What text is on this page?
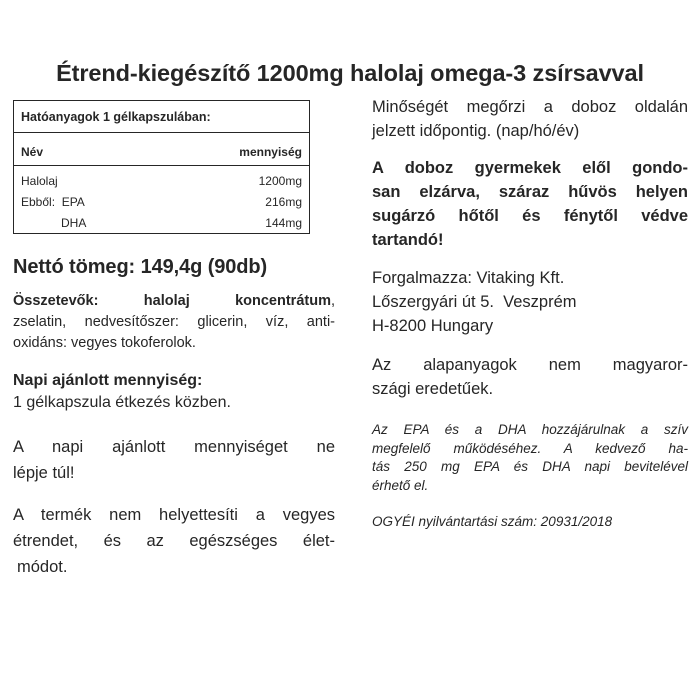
Étrend-kiegészítő 1200mg halolaj omega-3 zsírsavval
Hatóanyagok 1 gélkapszulában:
Név	mennyiség
Halolaj	1200mg
Ebből:  EPA	216mg
DHA	144mg
Nettó tömeg: 149,4g (90db)

Összetevők:	halolaj koncentrátum,
zselatin, nedvesítőszer: glicerin, víz, anti-
oxidáns: vegyes tokoferolok.

Napi ajánlott mennyiség:
1 gélkapszula étkezés közben.

A napi ajánlott mennyiséget ne
lépje túl!

A termék nem helyettesíti a vegyes
étrendet, és az egészséges élet-
módot.

Minőségét megőrzi a doboz oldalán
jelzett időpontig. (nap/hó/év)

A doboz gyermekek elől gondo-
san elzárva, száraz hűvös helyen
sugárzó hőtől és fénytől védve
tartandó!

Forgalmazza: Vitaking Kft.
Lőszergyári út 5.  Veszprém
H-8200 Hungary

Az alapanyagok nem magyaror-
szági eredetűek.

Az EPA és a DHA hozzájárulnak a szív
megfelelő működéséhez. A kedvező ha-
tás 250 mg EPA és DHA napi bevitelével
érhető el.

OGYÉI nyilvántartási szám: 20931/2018
